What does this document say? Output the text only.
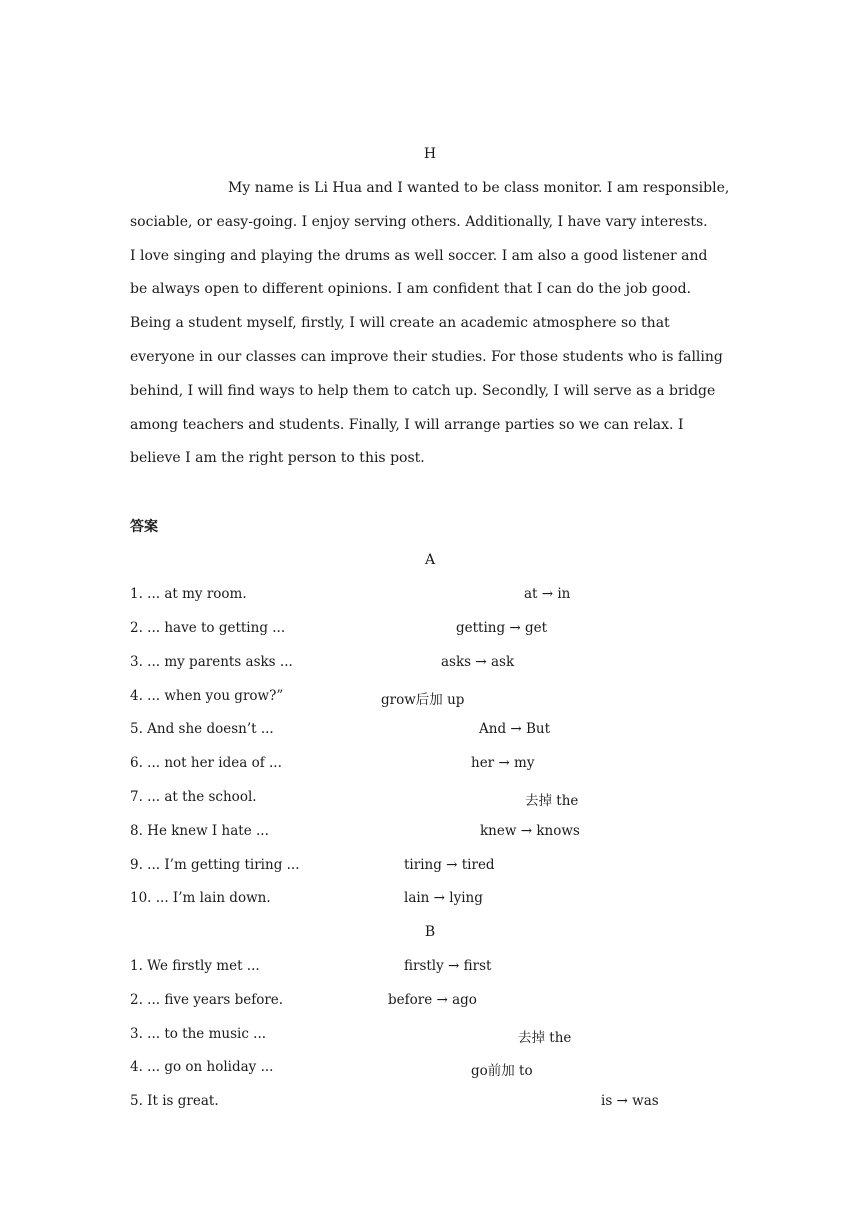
H
My name is Li Hua and I wanted to be class monitor. I am responsible,
sociable, or easy-going. I enjoy serving others. Additionally, I have vary interests.
I love singing and playing the drums as well soccer. I am also a good listener and
be always open to different opinions. I am confident that I can do the job good.
Being a student myself, firstly, I will create an academic atmosphere so that
everyone in our classes can improve their studies. For those students who is falling
behind, I will find ways to help them to catch up. Secondly, I will serve as a bridge
among teachers and students. Finally, I will arrange parties so we can relax. I
believe I am the right person to this post.
答案
A
1. ... at my room.	at → in
2. ... have to getting ...	getting → get
3. ... my parents asks ...	asks → ask
4. ... when you grow?”	grow后加 up
5. And she doesn’t ...	And → But
6. ... not her idea of ...	her → my
7. ... at the school.	去掉 the
8. He knew I hate ...	knew → knows
9. ... I’m getting tiring ...	tiring → tired
10. ... I’m lain down.	lain → lying
B
1. We firstly met ...	firstly → first
2. ... five years before.	before → ago
3. ... to the music ...	去掉 the
4. ... go on holiday ...	go前加 to
5. It is great.	is → was
